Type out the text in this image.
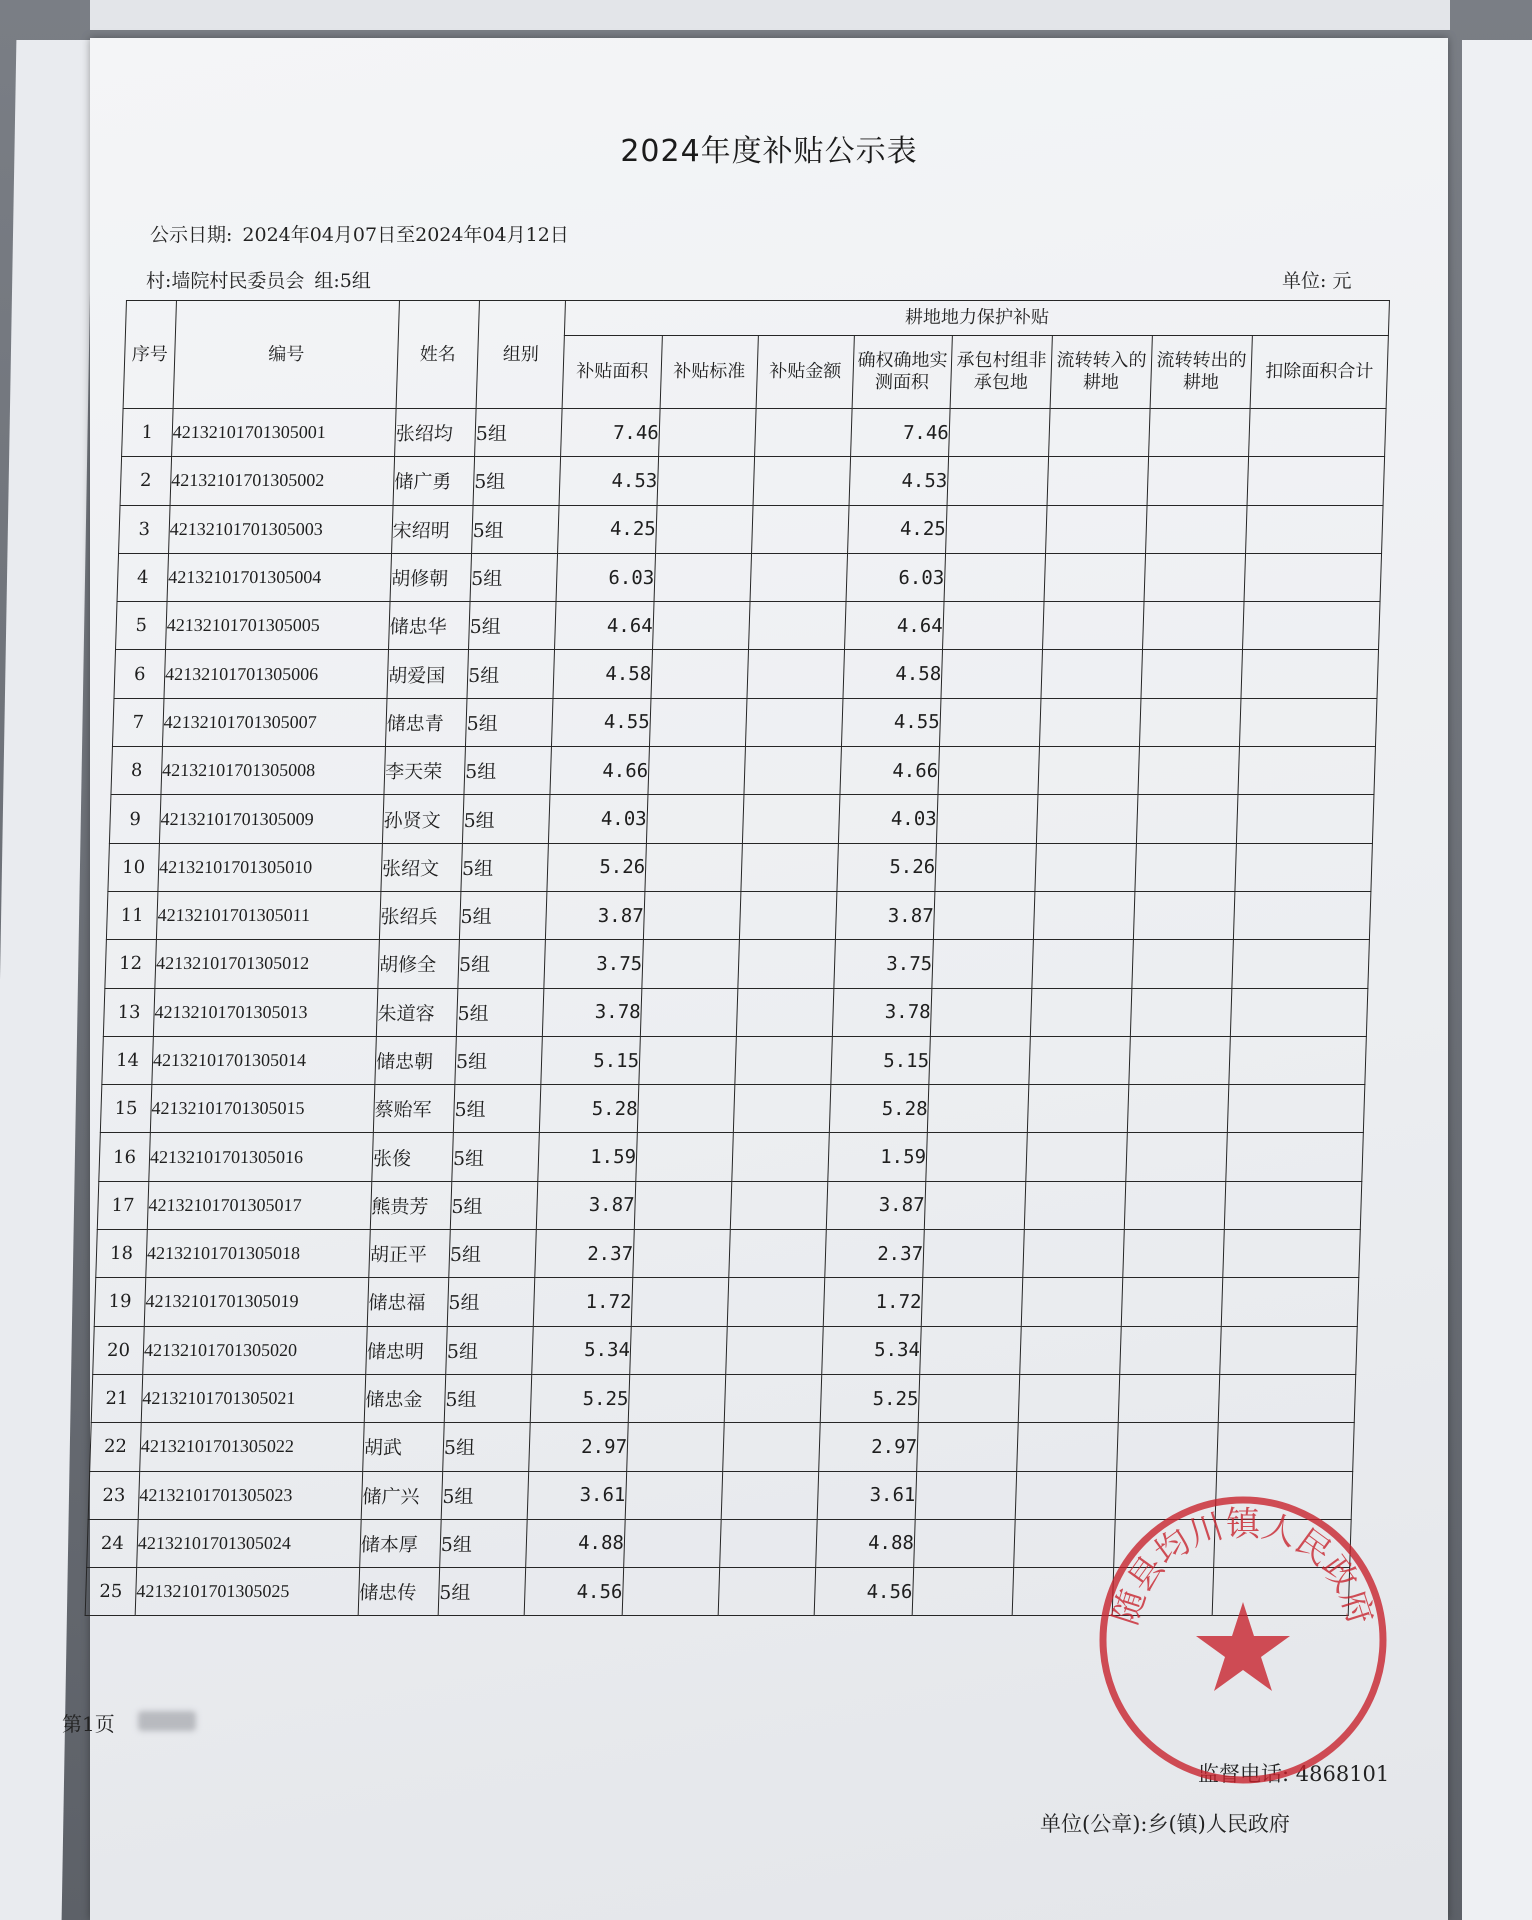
2024年度补贴公示表
公示日期: 2024年04月07日至2024年04月12日
村:墙院村民委员会 组:5组	单位: 元
序号	编号	姓名	组别	耕地地力保护补贴							
				补贴面积	补贴标准	补贴金额	确权确地实测面积	承包村组非承包地	流转转入的耕地	流转转出的耕地	扣除面积合计
1	42132101701305001	张绍均	5组	7.46			7.46				
2	42132101701305002	储广勇	5组	4.53			4.53				
3	42132101701305003	宋绍明	5组	4.25			4.25				
4	42132101701305004	胡修朝	5组	6.03			6.03				
5	42132101701305005	储忠华	5组	4.64			4.64				
6	42132101701305006	胡爱国	5组	4.58			4.58				
7	42132101701305007	储忠青	5组	4.55			4.55				
8	42132101701305008	李天荣	5组	4.66			4.66				
9	42132101701305009	孙贤文	5组	4.03			4.03				
10	42132101701305010	张绍文	5组	5.26			5.26				
11	42132101701305011	张绍兵	5组	3.87			3.87				
12	42132101701305012	胡修全	5组	3.75			3.75				
13	42132101701305013	朱道容	5组	3.78			3.78				
14	42132101701305014	储忠朝	5组	5.15			5.15				
15	42132101701305015	蔡贻军	5组	5.28			5.28				
16	42132101701305016	张俊	5组	1.59			1.59				
17	42132101701305017	熊贵芳	5组	3.87			3.87				
18	42132101701305018	胡正平	5组	2.37			2.37				
19	42132101701305019	储忠福	5组	1.72			1.72				
20	42132101701305020	储忠明	5组	5.34			5.34				
21	42132101701305021	储忠金	5组	5.25			5.25				
22	42132101701305022	胡武	5组	2.97			2.97				
23	42132101701305023	储广兴	5组	3.61			3.61				
24	42132101701305024	储本厚	5组	4.88			4.88				
25	42132101701305025	储忠传	5组	4.56			4.56				
第1页
监督电话: 4868101
单位(公章):乡(镇)人民政府
随县均川镇人民政府
